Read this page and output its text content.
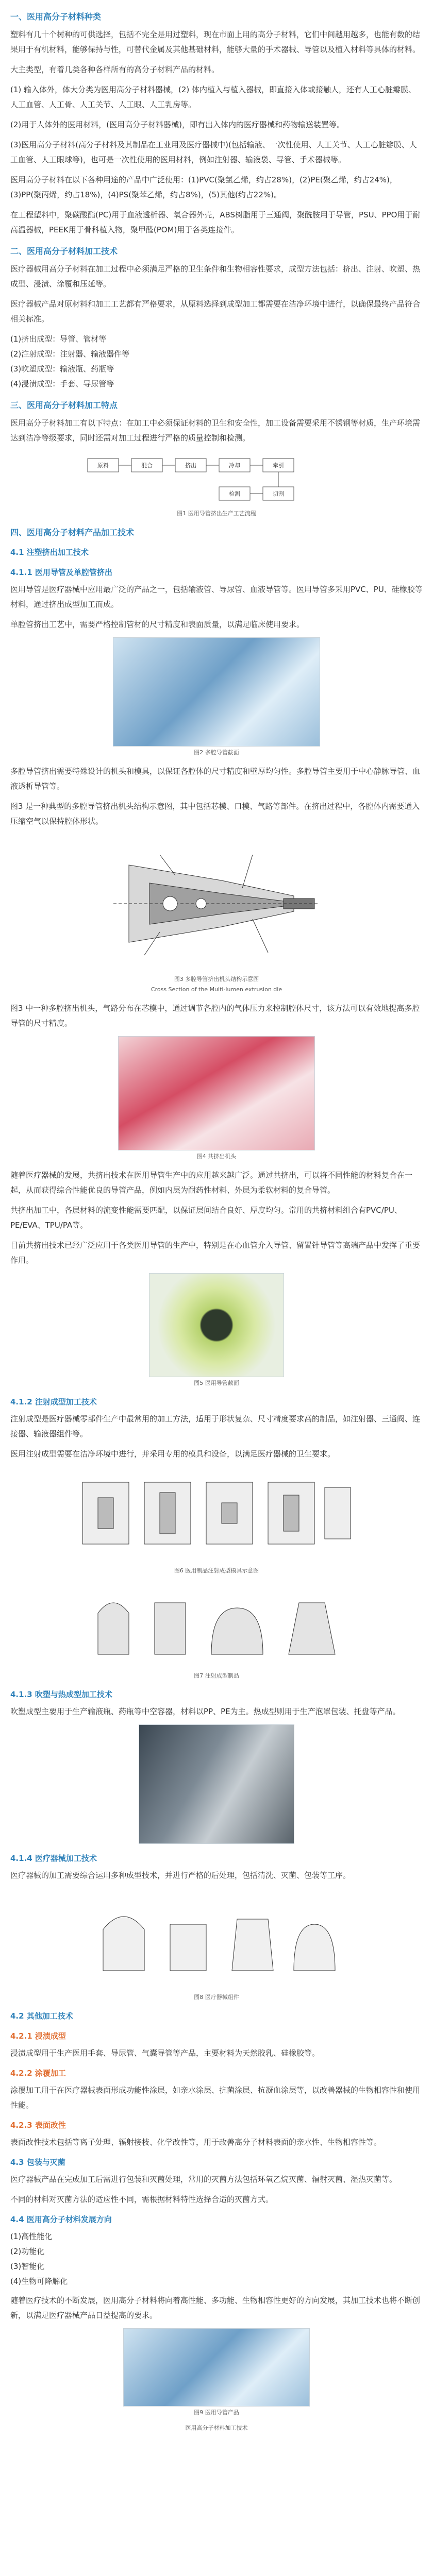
一、医用高分子材料种类

塑料有几十个树种的可供选择，包括不完全是用过塑料，现在市面上用的高分子材料，它们中间越用越多，也能有数的结果用于有机材料，能够保持与性，可替代金属及其他基础材料，能够大量的手术器械、导管以及植入材料等具体的材料。

大主类型，有着几类各种各样所有的高分子材料产品的材料。

(1) 输入体外，体大分类为医用高分子材料器械，(2) 体内植入与植入器械，即直接入体或接触人，还有人工心脏瓣膜、人工血管、人工骨、人工关节、人工眼、人工乳房等。

(2)用于人体外的医用材料，(医用高分子材料器械)，即有出入体内的医疗器械和药物输送装置等。

(3)医用高分子材料(高分子材料及其制品在工业用及医疗器械中)(包括输液、一次性使用、人工关节、人工心脏瓣膜、人工血管、人工眼球等)，也可是一次性使用的医用材料，例如注射器、输液袋、导管、手术器械等。

医用高分子材料在以下各种用途的产品中广泛使用：(1)PVC(聚氯乙烯，约占28%)，(2)PE(聚乙烯，约占24%)，(3)PP(聚丙烯，约占18%)，(4)PS(聚苯乙烯，约占8%)，(5)其他(约占22%)。

在工程塑料中，聚碳酸酯(PC)用于血液透析器、氧合器外壳，ABS树脂用于三通阀，聚酰胺用于导管，PSU、PPO用于耐高温器械，PEEK用于骨科植入物，聚甲醛(POM)用于各类连接件。

二、医用高分子材料加工技术

医疗器械用高分子材料在加工过程中必须满足严格的卫生条件和生物相容性要求，成型方法包括：挤出、注射、吹塑、热成型、浸渍、涂覆和压延等。

医疗器械产品对原材料和加工工艺都有严格要求，从原料选择到成型加工都需要在洁净环境中进行，以确保最终产品符合相关标准。

(1)挤出成型：导管、管材等
(2)注射成型：注射器、输液器件等
(3)吹塑成型：输液瓶、药瓶等
(4)浸渍成型：手套、导尿管等
三、医用高分子材料加工特点

医用高分子材料加工有以下特点：在加工中必须保证材料的卫生和安全性，加工设备需要采用不锈钢等材质，生产环境需达到洁净等级要求，同时还需对加工过程进行严格的质量控制和检测。

原料	混合	挤出	冷却	牵引
切割
检测
图1 医用导管挤出生产工艺流程
四、医用高分子材料产品加工技术
4.1 注塑挤出加工技术
4.1.1 医用导管及单腔管挤出

医用导管是医疗器械中应用最广泛的产品之一，包括输液管、导尿管、血液导管等。医用导管多采用PVC、PU、硅橡胶等材料，通过挤出成型加工而成。

单腔管挤出工艺中，需要严格控制管材的尺寸精度和表面质量，以满足临床使用要求。

图2 多腔导管截面

多腔导管挤出需要特殊设计的机头和模具，以保证各腔体的尺寸精度和壁厚均匀性。多腔导管主要用于中心静脉导管、血液透析导管等。

图3 是一种典型的多腔导管挤出机头结构示意图，其中包括芯模、口模、气路等部件。在挤出过程中，各腔体内需要通入压缩空气以保持腔体形状。

图3 多腔导管挤出机头结构示意图
Cross Section of the Multi-lumen extrusion die

图3 中一种多腔挤出机头，气路分布在芯模中，通过调节各腔内的气体压力来控制腔体尺寸，该方法可以有效地提高多腔导管的尺寸精度。

图4 共挤出机头

随着医疗器械的发展，共挤出技术在医用导管生产中的应用越来越广泛。通过共挤出，可以将不同性能的材料复合在一起，从而获得综合性能优良的导管产品，例如内层为耐药性材料、外层为柔软材料的复合导管。

共挤出加工中，各层材料的流变性能需要匹配，以保证层间结合良好、厚度均匀。常用的共挤材料组合有PVC/PU、PE/EVA、TPU/PA等。

目前共挤出技术已经广泛应用于各类医用导管的生产中，特别是在心血管介入导管、留置针导管等高端产品中发挥了重要作用。

图5 医用导管截面
4.1.2 注射成型加工技术

注射成型是医疗器械零部件生产中最常用的加工方法，适用于形状复杂、尺寸精度要求高的制品，如注射器、三通阀、连接器、输液器组件等。

医用注射成型需要在洁净环境中进行，并采用专用的模具和设备，以满足医疗器械的卫生要求。

图6 医用制品注射成型模具示意图
图7 注射成型制品
4.1.3 吹塑与热成型加工技术

吹塑成型主要用于生产输液瓶、药瓶等中空容器，材料以PP、PE为主。热成型则用于生产泡罩包装、托盘等产品。

4.1.4 医疗器械加工技术

医疗器械的加工需要综合运用多种成型技术，并进行严格的后处理，包括清洗、灭菌、包装等工序。

图8 医疗器械组件
4.2 其他加工技术
4.2.1 浸渍成型

浸渍成型用于生产医用手套、导尿管、气囊导管等产品，主要材料为天然胶乳、硅橡胶等。

4.2.2 涂覆加工

涂覆加工用于在医疗器械表面形成功能性涂层，如亲水涂层、抗菌涂层、抗凝血涂层等，以改善器械的生物相容性和使用性能。

4.2.3 表面改性

表面改性技术包括等离子处理、辐射接枝、化学改性等，用于改善高分子材料表面的亲水性、生物相容性等。

4.3 包装与灭菌

医疗器械产品在完成加工后需进行包装和灭菌处理，常用的灭菌方法包括环氧乙烷灭菌、辐射灭菌、湿热灭菌等。

不同的材料对灭菌方法的适应性不同，需根据材料特性选择合适的灭菌方式。

4.4 医用高分子材料发展方向
(1)高性能化
(2)功能化
(3)智能化
(4)生物可降解化

随着医疗技术的不断发展，医用高分子材料将向着高性能、多功能、生物相容性更好的方向发展，其加工技术也将不断创新，以满足医疗器械产品日益提高的要求。

图9 医用导管产品
医用高分子材料加工技术
